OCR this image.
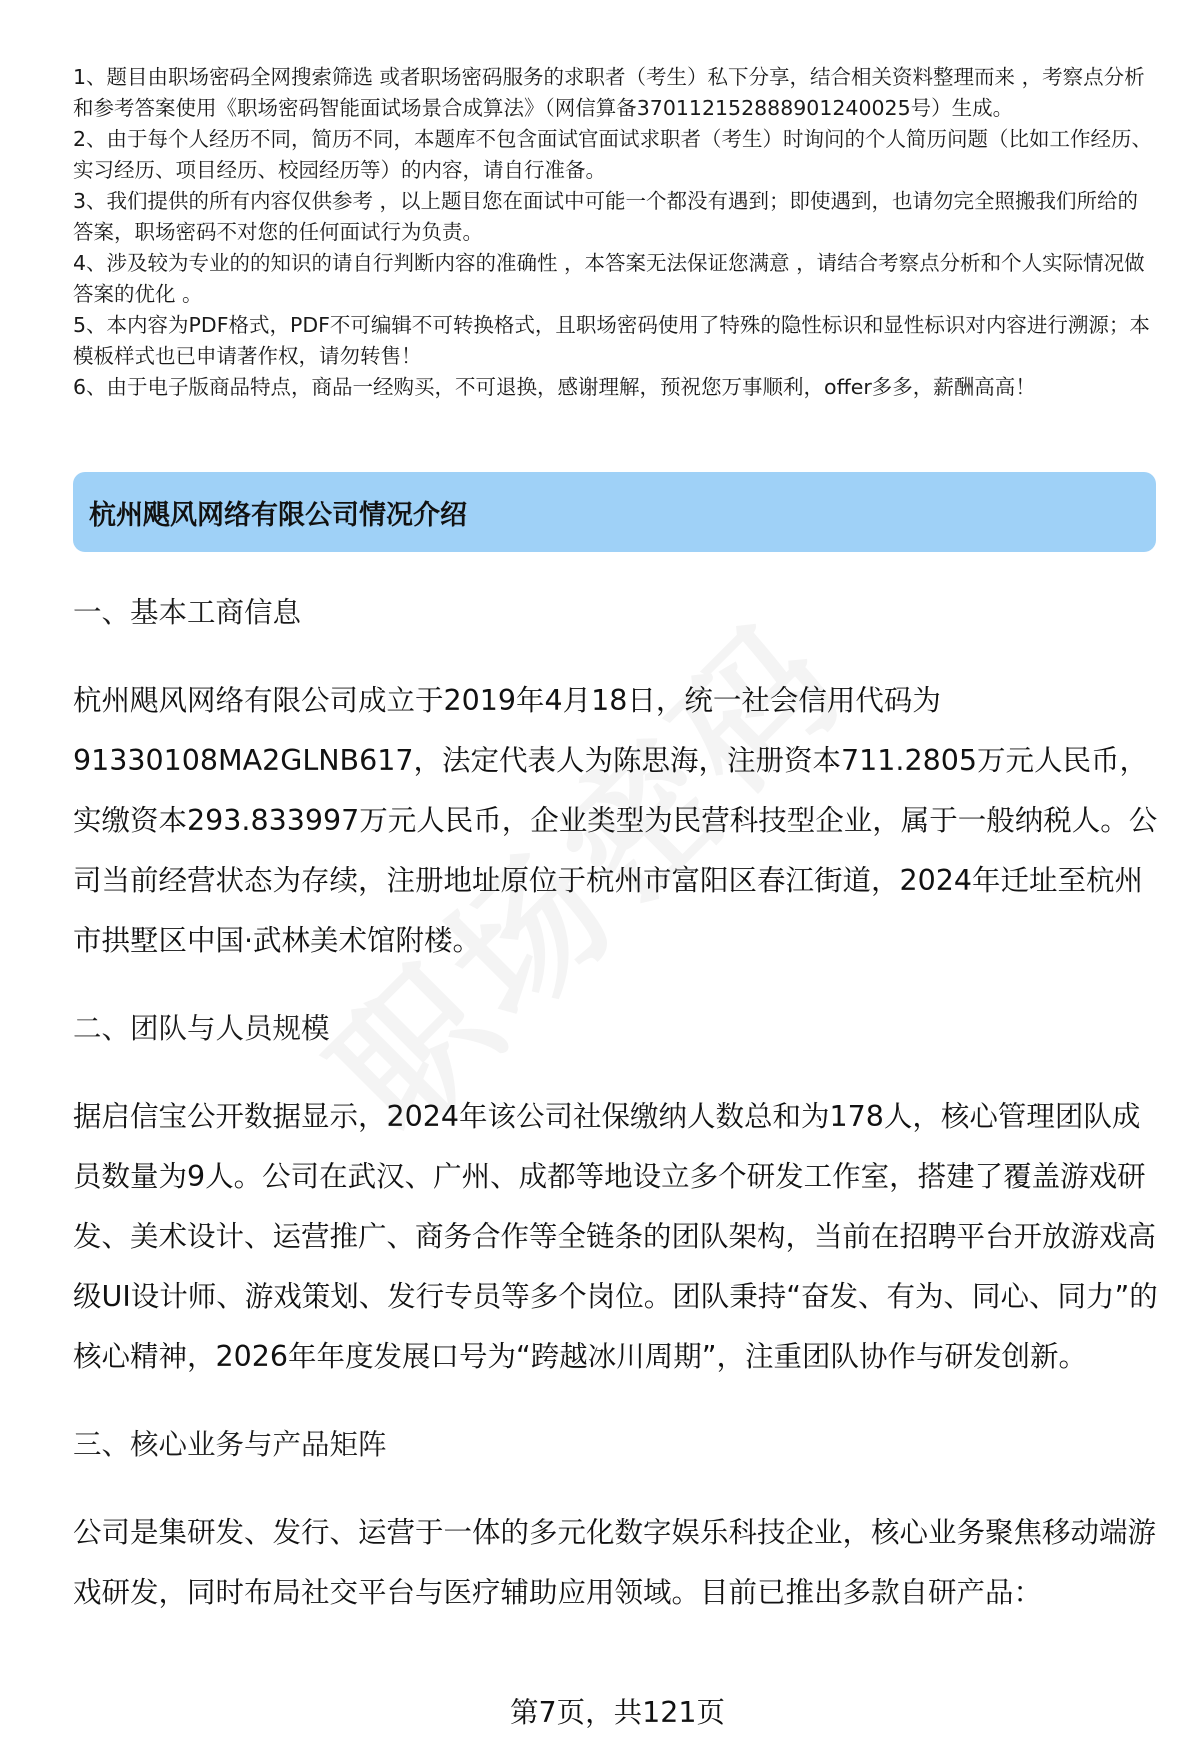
1、题目由职场密码全网搜索筛选 或者职场密码服务的求职者（考生）私下分享，结合相关资料整理而来 ，考察点分析和参考答案使用《职场密码智能面试场景合成算法》（网信算备370112152888901240025号）生成。

2、由于每个人经历不同，简历不同，本题库不包含面试官面试求职者（考生）时询问的个人简历问题（比如工作经历、实习经历、项目经历、校园经历等）的内容，请自行准备。

3、我们提供的所有内容仅供参考 ，以上题目您在面试中可能一个都没有遇到；即使遇到，也请勿完全照搬我们所给的答案，职场密码不对您的任何面试行为负责。

4、涉及较为专业的的知识的请自行判断内容的准确性 ，本答案无法保证您满意 ，请结合考察点分析和个人实际情况做答案的优化 。

5、本内容为PDF格式，PDF不可编辑不可转换格式，且职场密码使用了特殊的隐性标识和显性标识对内容进行溯源；本模板样式也已申请著作权，请勿转售！

6、由于电子版商品特点，商品一经购买，不可退换，感谢理解，预祝您万事顺利，offer多多，薪酬高高！

杭州飓风网络有限公司情况介绍
一、基本工商信息

杭州飓风网络有限公司成立于2019年4月18日，统一社会信用代码为91330108MA2GLNB617，法定代表人为陈思海，注册资本711.2805万元人民币，实缴资本293.833997万元人民币，企业类型为民营科技型企业，属于一般纳税人。公司当前经营状态为存续，注册地址原位于杭州市富阳区春江街道，2024年迁址至杭州市拱墅区中国·武林美术馆附楼。

二、团队与人员规模

据启信宝公开数据显示，2024年该公司社保缴纳人数总和为178人，核心管理团队成员数量为9人。公司在武汉、广州、成都等地设立多个研发工作室，搭建了覆盖游戏研发、美术设计、运营推广、商务合作等全链条的团队架构，当前在招聘平台开放游戏高级UI设计师、游戏策划、发行专员等多个岗位。团队秉持“奋发、有为、同心、同力”的核心精神，2026年年度发展口号为“跨越冰川周期”，注重团队协作与研发创新。

三、核心业务与产品矩阵

公司是集研发、发行、运营于一体的多元化数字娱乐科技企业，核心业务聚焦移动端游戏研发，同时布局社交平台与医疗辅助应用领域。目前已推出多款自研产品：

第7页，共121页
